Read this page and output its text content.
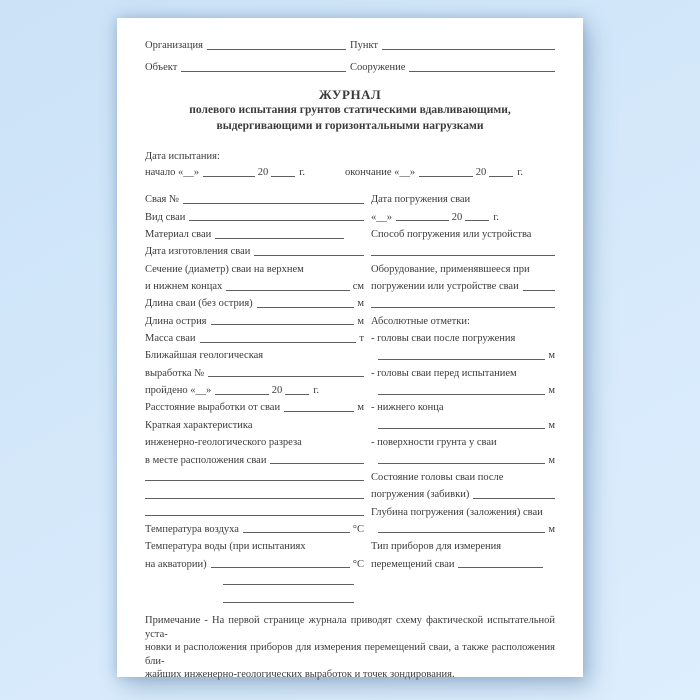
Организация	Пункт
Объект	Сооружение
ЖУРНАЛ
полевого испытания грунтов статическими вдавливающими,
выдергивающими и горизонтальными нагрузками
Дата испытания:
начало «__»	20	г.	окончание «__»	20	г.
Свая №
Вид сваи
Материал сваи
Дата изготовления сваи
Сечение (диаметр) сваи на верхнем
и нижнем концах	см
Длина сваи (без острия)	м
Длина острия	м
Масса сваи	т
Ближайшая геологическая
выработка №
пройдено «__»	20	г.
Расстояние выработки от сваи	м
Краткая характеристика
инженерно-геологического разреза
в месте расположения сваи
Температура воздуха	°С
Температура воды (при испытаниях
на акватории)	°С
Дата погружения сваи
«__»	20	г.
Способ погружения или устройства
Оборудование, применявшееся при
погружении или устройстве сваи
Абсолютные отметки:
- головы сваи после погружения
м
- головы сваи перед испытанием
м
- нижнего конца
м
- поверхности грунта у сваи
м
Состояние головы сваи после
погружения (забивки)
Глубина погружения (заложения) сваи
м
Тип приборов для измерения
перемещений сваи
Примечание - На первой странице журнала приводят схему фактической испытательной уста-
новки и расположения приборов для измерения перемещений сваи, а также расположения бли-
жайших инженерно-геологических выработок и точек зондирования.
